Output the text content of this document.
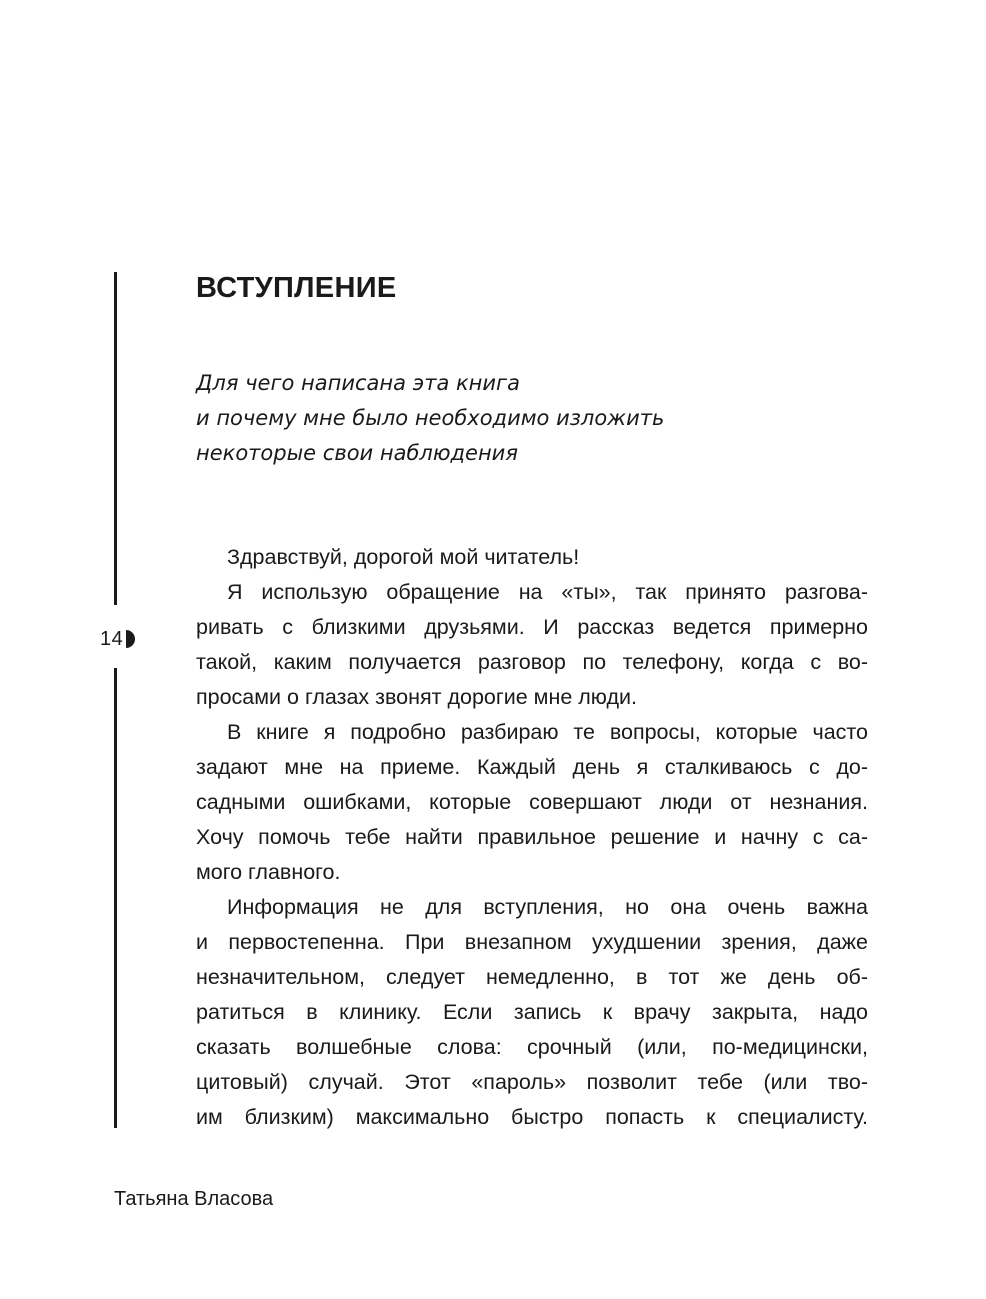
14
ВСТУПЛЕНИЕ
Для чего написана эта книга
и почему мне было необходимо изложить
некоторые свои наблюдения
Здравствуй, дорогой мой читатель!
Я использую обращение на «ты», так принято разгова-
ривать с близкими друзьями. И рассказ ведется примерно
такой, каким получается разговор по телефону, когда с во-
просами о глазах звонят дорогие мне люди.
В книге я подробно разбираю те вопросы, которые часто
задают мне на приеме. Каждый день я сталкиваюсь с до-
садными ошибками, которые совершают люди от незнания.
Хочу помочь тебе найти правильное решение и начну с са-
мого главного.
Информация не для вступления, но она очень важна
и первостепенна. При внезапном ухудшении зрения, даже
незначительном, следует немедленно, в тот же день об-
ратиться в клинику. Если запись к врачу закрыта, надо
сказать волшебные слова: срочный (или, по-медицински,
цитовый) случай. Этот «пароль» позволит тебе (или тво-
им близким) максимально быстро попасть к специалисту.
Татьяна Власова
